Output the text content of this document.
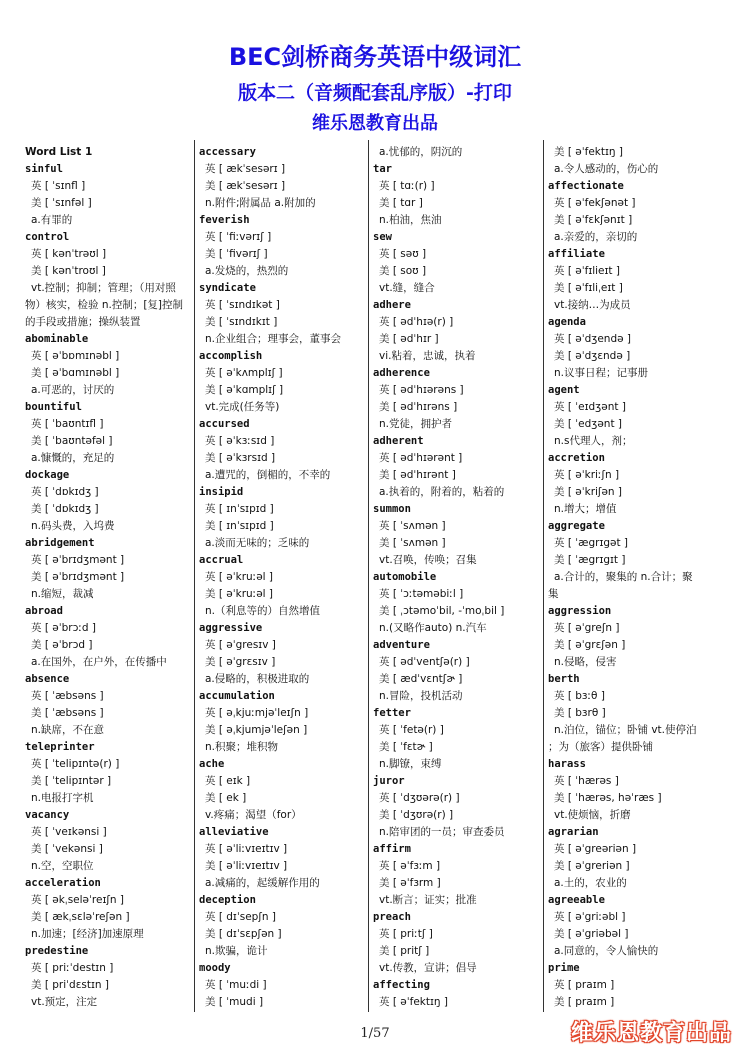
BEC剑桥商务英语中级词汇
版本二（音频配套乱序版）-打印
维乐恩教育出品
Word List 1
sinful
英 [ ˈsɪnfl ]
美 [ ˈsɪnfəl ]
a.有罪的
control
英 [ kənˈtrəʊl ]
美 [ kənˈtroʊl ]
vt.控制；抑制；管理；（用对照
物）核实，检验 n.控制；[复]控制
的手段或措施；操纵装置
abominable
英 [ əˈbɒmɪnəbl ]
美 [ əˈbɑmɪnəbl ]
a.可恶的，讨厌的
bountiful
英 [ ˈbaʊntɪfl ]
美 [ ˈbaʊntəfəl ]
a.慷慨的，充足的
dockage
英 [ ˈdɒkɪdʒ ]
美 [ ˈdɒkɪdʒ ]
n.码头费，入坞费
abridgement
英 [ əˈbrɪdʒmənt ]
美 [ əˈbrɪdʒmənt ]
n.缩短，裁减
abroad
英 [ əˈbrɔːd ]
美 [ əˈbrɔd ]
a.在国外，在户外，在传播中
absence
英 [ ˈæbsəns ]
美 [ ˈæbsəns ]
n.缺席，不在意
teleprinter
英 [ ˈtelipɪntə(r) ]
美 [ ˈtelipɪntər ]
n.电报打字机
vacancy
英 [ ˈveɪkənsi ]
美 [ ˈvekənsi ]
n.空，空职位
acceleration
英 [ əkˌseləˈreɪʃn ]
美 [ ækˌsɛləˈreʃən ]
n.加速；[经济]加速原理
predestine
英 [ priːˈdestɪn ]
美 [ priˈdɛstɪn ]
vt.预定，注定
accessary
英 [ ækˈsesərɪ ]
美 [ ækˈsesərɪ ]
n.附件;附属品 a.附加的
feverish
英 [ ˈfiːvərɪʃ ]
美 [ ˈfivərɪʃ ]
a.发烧的，热烈的
syndicate
英 [ ˈsɪndɪkət ]
美 [ ˈsɪndɪkɪt ]
n.企业组合；理事会，董事会
accomplish
英 [ əˈkʌmplɪʃ ]
美 [ əˈkɑmplɪʃ ]
vt.完成(任务等)
accursed
英 [ əˈkɜːsɪd ]
美 [ əˈkɜrsɪd ]
a.遭咒的，倒楣的，不幸的
insipid
英 [ ɪnˈsɪpɪd ]
美 [ ɪnˈsɪpɪd ]
a.淡而无味的；乏味的
accrual
英 [ əˈkruːəl ]
美 [ əˈkruːəl ]
n.（利息等的）自然增值
aggressive
英 [ əˈgresɪv ]
美 [ əˈgrɛsɪv ]
a.侵略的，积极进取的
accumulation
英 [ əˌkjuːmjəˈleɪʃn ]
美 [ əˌkjumjəˈleʃən ]
n.积聚；堆积物
ache
英 [ eɪk ]
美 [ ek ]
v.疼痛；渴望（for）
alleviative
英 [ əˈliːvɪeɪtɪv ]
美 [ əˈliːvɪeɪtɪv ]
a.减痛的，起缓解作用的
deception
英 [ dɪˈsepʃn ]
美 [ dɪˈsɛpʃən ]
n.欺骗，诡计
moody
英 [ ˈmuːdi ]
美 [ ˈmudi ]
a.忧郁的，阴沉的
tar
英 [ tɑː(r) ]
美 [ tɑr ]
n.柏油，焦油
sew
英 [ səʊ ]
美 [ soʊ ]
vt.缝，缝合
adhere
英 [ ədˈhɪə(r) ]
美 [ ədˈhɪr ]
vi.粘着，忠诚，执着
adherence
英 [ ədˈhɪərəns ]
美 [ ədˈhɪrəns ]
n.党徒，拥护者
adherent
英 [ ədˈhɪərənt ]
美 [ ədˈhɪrənt ]
a.执着的，附着的，粘着的
summon
英 [ ˈsʌmən ]
美 [ ˈsʌmən ]
vt.召唤，传唤；召集
automobile
英 [ ˈɔːtəməbiːl ]
美 [ ˌɔtəmoˈbil, -ˈmoˌbil ]
n.(又略作auto) n.汽车
adventure
英 [ ədˈventʃə(r) ]
美 [ ædˈvɛntʃɚ ]
n.冒险，投机活动
fetter
英 [ ˈfetə(r) ]
美 [ ˈfɛtɚ ]
n.脚镣，束缚
juror
英 [ ˈdʒʊərə(r) ]
美 [ ˈdʒʊrə(r) ]
n.陪审团的一员；审查委员
affirm
英 [ əˈfɜːm ]
美 [ əˈfɜrm ]
vt.断言；证实；批准
preach
英 [ priːtʃ ]
美 [ pritʃ ]
vt.传教，宣讲；倡导
affecting
英 [ əˈfektɪŋ ]
美 [ əˈfektɪŋ ]
a.令人感动的，伤心的
affectionate
英 [ əˈfekʃənət ]
美 [ əˈfɛkʃənɪt ]
a.亲爱的，亲切的
affiliate
英 [ əˈfɪlieɪt ]
美 [ əˈfɪliˌeɪt ]
vt.接纳…为成员
agenda
英 [ əˈdʒendə ]
美 [ əˈdʒɛndə ]
n.议事日程；记事册
agent
英 [ ˈeɪdʒənt ]
美 [ ˈedʒənt ]
n.s代理人，剂；
accretion
英 [ əˈkriːʃn ]
美 [ əˈkriʃən ]
n.增大；增值
aggregate
英 [ ˈægrɪgət ]
美 [ ˈægrɪgɪt ]
a.合计的，聚集的 n.合计；聚
集
aggression
英 [ əˈgreʃn ]
美 [ əˈgrɛʃən ]
n.侵略，侵害
berth
英 [ bɜːθ ]
美 [ bɜrθ ]
n.泊位，锚位；卧铺 vt.使停泊
；为（旅客）提供卧铺
harass
英 [ ˈhærəs ]
美 [ ˈhærəs, həˈræs ]
vt.使烦恼，折磨
agrarian
英 [ əˈgreəriən ]
美 [ əˈgreriən ]
a.土的，农业的
agreeable
英 [ əˈgriːəbl ]
美 [ əˈgriəbəl ]
a.同意的，令人愉快的
prime
英 [ praɪm ]
美 [ praɪm ]
1/57	维乐恩教育出品
